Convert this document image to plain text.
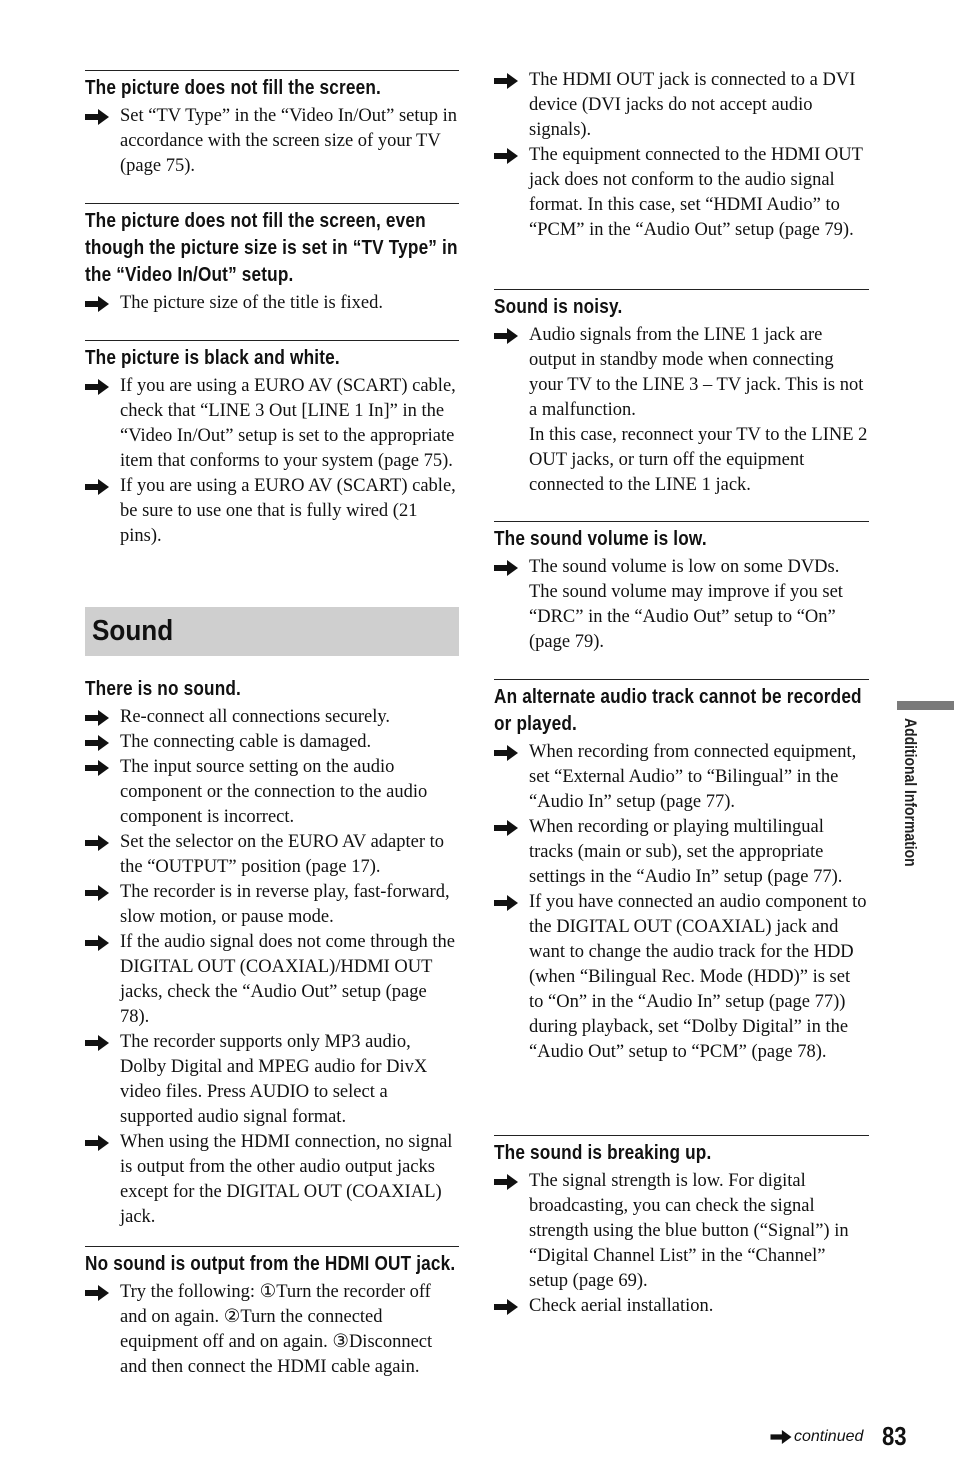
The picture does not fill the screen.
Set “TV Type” in the “Video In/Out” setup in accordance with the screen size of your TV (page 75).
The picture does not fill the screen, even though the picture size is set in “TV Type” in the “Video In/Out” setup.
The picture size of the title is fixed.
The picture is black and white.
If you are using a EURO AV (SCART) cable, check that “LINE 3 Out [LINE 1 In]” in the “Video In/Out” setup is set to the appropriate item that conforms to your system (page 75).
If you are using a EURO AV (SCART) cable, be sure to use one that is fully wired (21 pins).
There is no sound.
Re-connect all connections securely.
The connecting cable is damaged.
The input source setting on the audio component or the connection to the audio component is incorrect.
Set the selector on the EURO AV adapter to the “OUTPUT” position (page 17).
The recorder is in reverse play, fast-forward, slow motion, or pause mode.
If the audio signal does not come through the DIGITAL OUT (COAXIAL)/HDMI OUT jacks, check the “Audio Out” setup (page 78).
The recorder supports only MP3 audio, Dolby Digital and MPEG audio for DivX video files. Press AUDIO to select a supported audio signal format.
When using the HDMI connection, no signal is output from the other audio output jacks except for the DIGITAL OUT (COAXIAL) jack.
No sound is output from the HDMI OUT jack.
Try the following: ①Turn the recorder off and on again. ②Turn the connected equipment off and on again. ③Disconnect and then connect the HDMI cable again.
Sound
The HDMI OUT jack is connected to a DVI device (DVI jacks do not accept audio signals).
The equipment connected to the HDMI OUT jack does not conform to the audio signal format. In this case, set “HDMI Audio” to “PCM” in the “Audio Out” setup (page 79).
Sound is noisy.
Audio signals from the LINE 1 jack are output in standby mode when connecting your TV to the LINE 3 – TV jack. This is not a malfunction.
In this case, reconnect your TV to the LINE 2 OUT jacks, or turn off the equipment connected to the LINE 1 jack.
The sound volume is low.
The sound volume is low on some DVDs. The sound volume may improve if you set “DRC” in the “Audio Out” setup to “On” (page 79).
An alternate audio track cannot be recorded or played.
When recording from connected equipment, set “External Audio” to “Bilingual” in the “Audio In” setup (page 77).
When recording or playing multilingual tracks (main or sub), set the appropriate settings in the “Audio In” setup (page 77).
If you have connected an audio component to the DIGITAL OUT (COAXIAL) jack and want to change the audio track for the HDD (when “Bilingual Rec. Mode (HDD)” is set to “On” in the “Audio In” setup (page 77)) during playback, set “Dolby Digital” in the “Audio Out” setup to “PCM” (page 78).
The sound is breaking up.
The signal strength is low. For digital broadcasting, you can check the signal strength using the blue button (“Signal”) in “Digital Channel List” in the “Channel” setup (page 69).
Check aerial installation.
Additional Information
continued 83
